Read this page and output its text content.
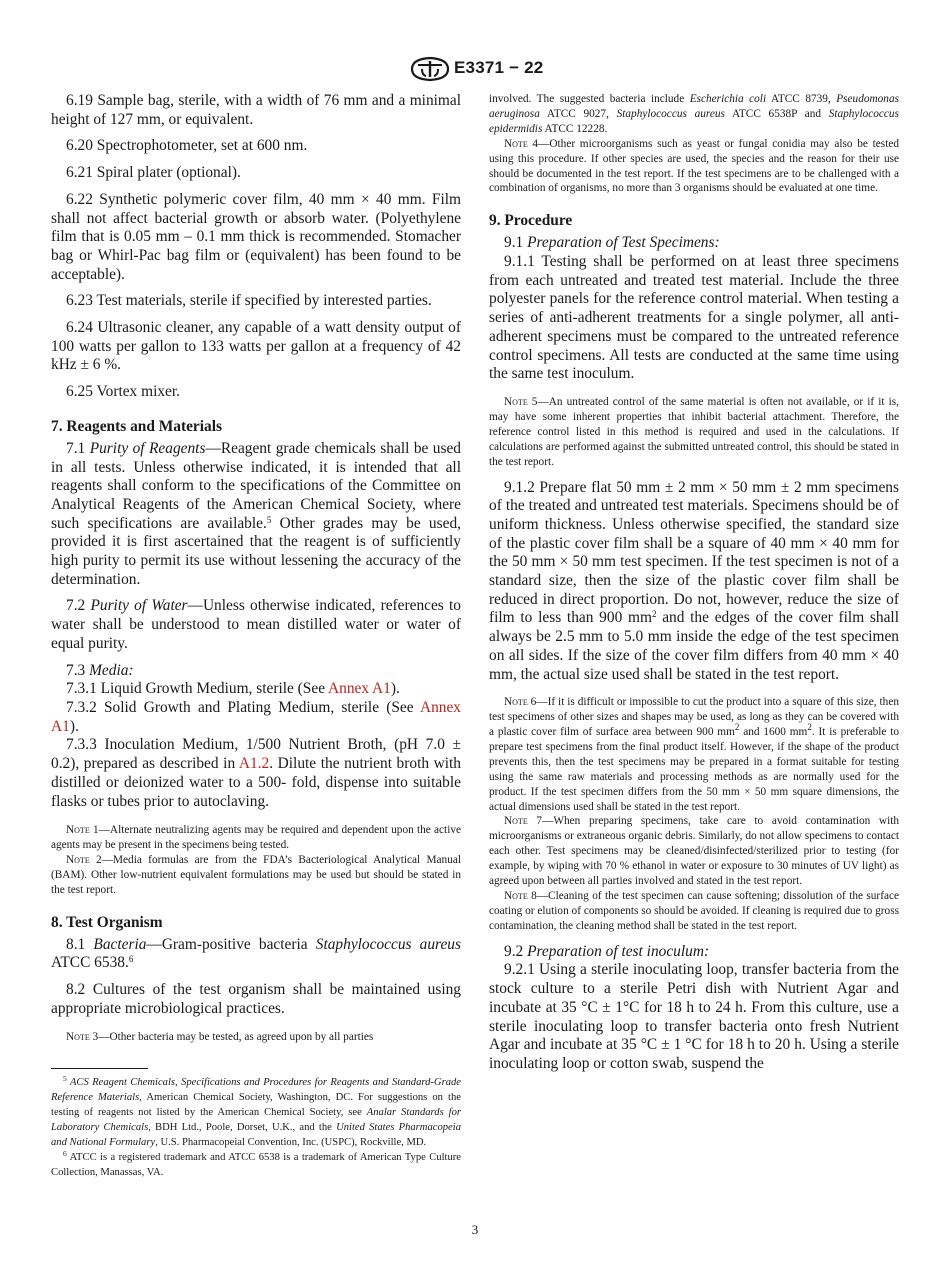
E3371 − 22

6.19 Sample bag, sterile, with a width of 76 mm and a minimal height of 127 mm, or equivalent.

6.20 Spectrophotometer, set at 600 nm.

6.21 Spiral plater (optional).

6.22 Synthetic polymeric cover film, 40 mm × 40 mm. Film shall not affect bacterial growth or absorb water. (Polyethylene film that is 0.05 mm – 0.1 mm thick is recommended. Stomacher bag or Whirl-Pac bag film or (equivalent) has been found to be acceptable).

6.23 Test materials, sterile if specified by interested parties.

6.24 Ultrasonic cleaner, any capable of a watt density output of 100 watts per gallon to 133 watts per gallon at a frequency of 42 kHz ± 6 %.

6.25 Vortex mixer.

7. Reagents and Materials

7.1 Purity of Reagents—Reagent grade chemicals shall be used in all tests. Unless otherwise indicated, it is intended that all reagents shall conform to the specifications of the Committee on Analytical Reagents of the American Chemical Society, where such specifications are available.$^5$ Other grades may be used, provided it is first ascertained that the reagent is of sufficiently high purity to permit its use without lessening the accuracy of the determination.

7.2 Purity of Water—Unless otherwise indicated, references to water shall be understood to mean distilled water or water of equal purity.

7.3 Media:

7.3.1 Liquid Growth Medium, sterile (See Annex A1).

7.3.2 Solid Growth and Plating Medium, sterile (See Annex A1).

7.3.3 Inoculation Medium, 1/500 Nutrient Broth, (pH 7.0 ± 0.2), prepared as described in A1.2. Dilute the nutrient broth with distilled or deionized water to a 500- fold, dispense into suitable flasks or tubes prior to autoclaving.

Note 1—Alternate neutralizing agents may be required and dependent upon the active agents may be present in the specimens being tested.

Note 2—Media formulas are from the FDA’s Bacteriological Analytical Manual (BAM). Other low-nutrient equivalent formulations may be used but should be stated in the test report.

8. Test Organism

8.1 Bacteria—Gram-positive bacteria Staphylococcus aureus ATCC 6538.$^6$

8.2 Cultures of the test organism shall be maintained using appropriate microbiological practices.

Note 3—Other bacteria may be tested, as agreed upon by all parties

$^5$ ACS Reagent Chemicals, Specifications and Procedures for Reagents and Standard-Grade Reference Materials, American Chemical Society, Washington, DC. For suggestions on the testing of reagents not listed by the American Chemical Society, see Analar Standards for Laboratory Chemicals, BDH Ltd., Poole, Dorset, U.K., and the United States Pharmacopeia and National Formulary, U.S. Pharmacopeial Convention, Inc. (USPC), Rockville, MD.

$^6$ ATCC is a registered trademark and ATCC 6538 is a trademark of American Type Culture Collection, Manassas, VA.

involved. The suggested bacteria include Escherichia coli ATCC 8739, Pseudomonas aeruginosa ATCC 9027, Staphylococcus aureus ATCC 6538P and Staphylococcus epidermidis ATCC 12228.

Note 4—Other microorganisms such as yeast or fungal conidia may also be tested using this procedure. If other species are used, the species and the reason for their use should be documented in the test report. If the test specimens are to be challenged with a combination of organisms, no more than 3 organisms should be evaluated at one time.

9. Procedure

9.1 Preparation of Test Specimens:

9.1.1 Testing shall be performed on at least three specimens from each untreated and treated test material. Include the three polyester panels for the reference control material. When testing a series of anti-adherent treatments for a single polymer, all anti-adherent specimens must be compared to the untreated reference control specimens. All tests are conducted at the same time using the same test inoculum.

Note 5—An untreated control of the same material is often not available, or if it is, may have some inherent properties that inhibit bacterial attachment. Therefore, the reference control listed in this method is required and used in the calculations. If calculations are performed against the submitted untreated control, this should be stated in the test report.

9.1.2 Prepare flat 50 mm ± 2 mm × 50 mm ± 2 mm specimens of the treated and untreated test materials. Specimens should be of uniform thickness. Unless otherwise specified, the standard size of the plastic cover film shall be a square of 40 mm × 40 mm for the 50 mm × 50 mm test specimen. If the test specimen is not of a standard size, then the size of the plastic cover film shall be reduced in direct proportion. Do not, however, reduce the size of film to less than 900 $mm^2$ and the edges of the cover film shall always be 2.5 mm to 5.0 mm inside the edge of the test specimen on all sides. If the size of the cover film differs from 40 mm × 40 mm, the actual size used shall be stated in the test report.

Note 6—If it is difficult or impossible to cut the product into a square of this size, then test specimens of other sizes and shapes may be used, as long as they can be covered with a plastic cover film of surface area between 900 $mm^2$ and 1600 $mm^2$. It is preferable to prepare test specimens from the final product itself. However, if the shape of the product prevents this, then the test specimens may be prepared in a format suitable for testing using the same raw materials and processing methods as are normally used for the product. If the test specimen differs from the 50 mm × 50 mm square dimensions, the actual dimensions used shall be stated in the test report.

Note 7—When preparing specimens, take care to avoid contamination with microorganisms or extraneous organic debris. Similarly, do not allow specimens to contact each other. Test specimens may be cleaned/disinfected/sterilized prior to testing (for example, by wiping with 70 % ethanol in water or exposure to 30 minutes of UV light) as agreed upon between all parties involved and stated in the test report.

Note 8—Cleaning of the test specimen can cause softening; dissolution of the surface coating or elution of components so should be avoided. If cleaning is required due to gross contamination, the cleaning method shall be stated in the test report.

9.2 Preparation of test inoculum:

9.2.1 Using a sterile inoculating loop, transfer bacteria from the stock culture to a sterile Petri dish with Nutrient Agar and incubate at 35 °C ± 1°C for 18 h to 24 h. From this culture, use a sterile inoculating loop to transfer bacteria onto fresh Nutrient Agar and incubate at 35 °C ± 1 °C for 18 h to 20 h. Using a sterile inoculating loop or cotton swab, suspend the

3
